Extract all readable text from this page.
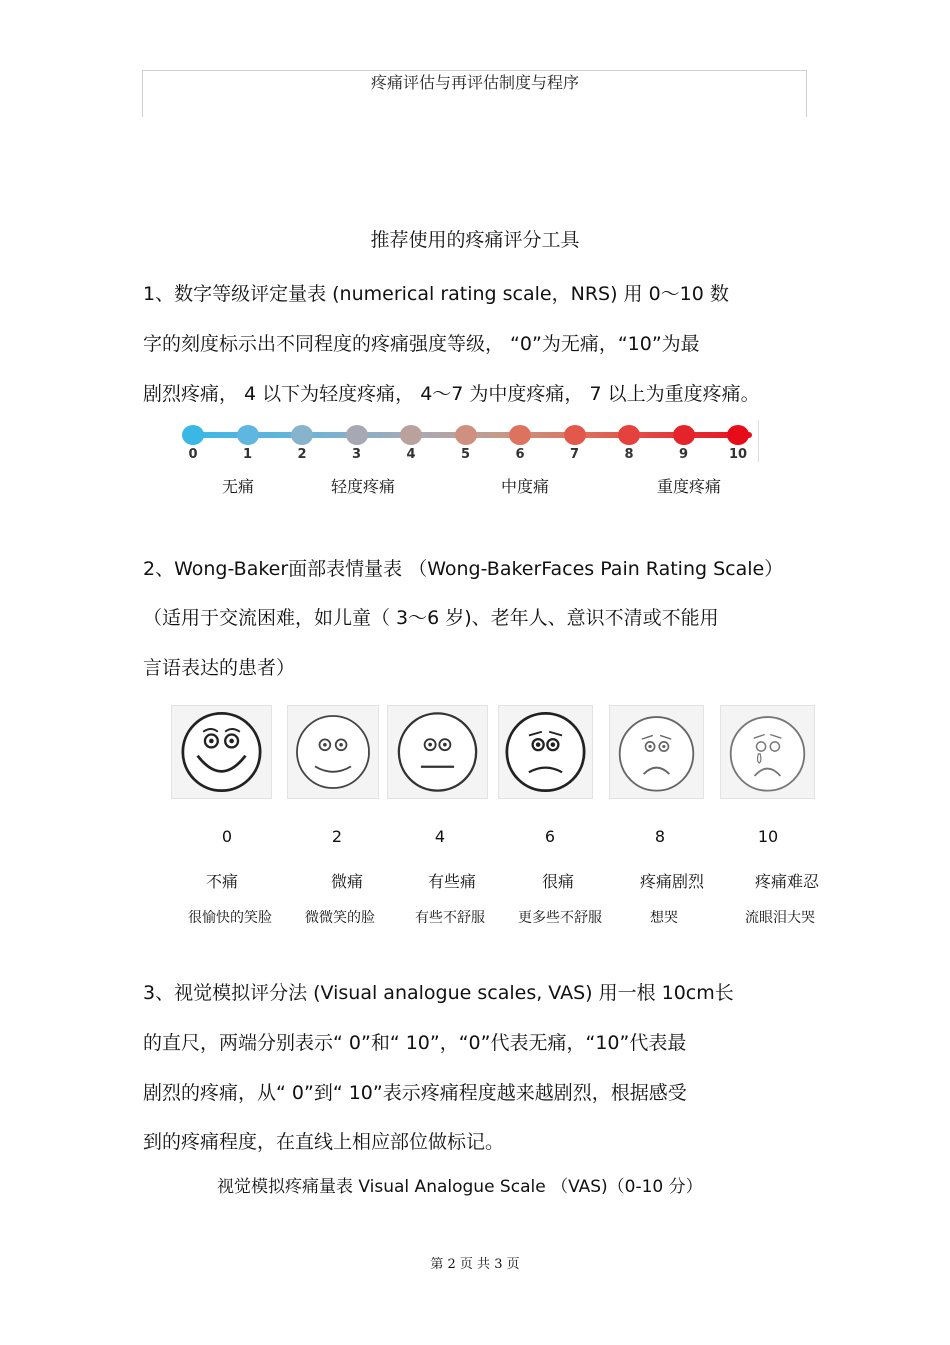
疼痛评估与再评估制度与程序
推荐使用的疼痛评分工具
1、数字等级评定量表 (numerical rating scale，NRS) 用 0～10 数
字的刻度标示出不同程度的疼痛强度等级， “0”为无痛，“10”为最
剧烈疼痛， 4 以下为轻度疼痛， 4～7 为中度疼痛， 7 以上为重度疼痛。
0	1	2	3	4	5	6	7	8	9	10
无痛	轻度疼痛	中度痛	重度疼痛
2、Wong-Baker面部表情量表 （Wong-BakerFaces Pain Rating Scale）
（适用于交流困难，如儿童（ 3～6 岁)、老年人、意识不清或不能用
言语表达的患者）
0	2	4	6	8	10
不痛	微痛	有些痛	很痛	疼痛剧烈	疼痛难忍
很愉快的笑脸	微微笑的脸	有些不舒服	更多些不舒服	想哭	流眼泪大哭
3、视觉模拟评分法 (Visual analogue scales, VAS) 用一根 10cm长
的直尺，两端分别表示“ 0”和“ 10”，“0”代表无痛，“10”代表最
剧烈的疼痛，从“ 0”到“ 10”表示疼痛程度越来越剧烈，根据感受
到的疼痛程度，在直线上相应部位做标记。
视觉模拟疼痛量表 Visual Analogue Scale （VAS)（0-10 分）
第 2 页 共 3 页
